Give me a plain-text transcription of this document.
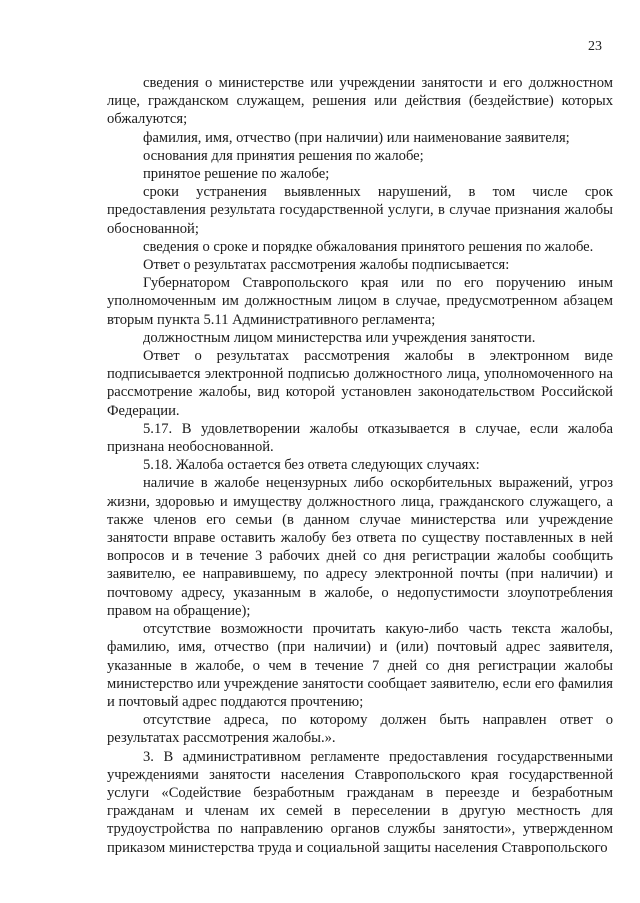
23

сведения о министерстве или учреждении занятости и его должностном лице, гражданском служащем, решения или действия (бездействие) которых обжалуются;

фамилия, имя, отчество (при наличии) или наименование заявителя;

основания для принятия решения по жалобе;

принятое решение по жалобе;

сроки устранения выявленных нарушений, в том числе срок предоставления результата государственной услуги, в случае признания жалобы обоснованной;

сведения о сроке и порядке обжалования принятого решения по жалобе.

Ответ о результатах рассмотрения жалобы подписывается:

Губернатором Ставропольского края или по его поручению иным уполномоченным им должностным лицом в случае, предусмотренном абзацем вторым пункта 5.11 Административного регламента;

должностным лицом министерства или учреждения занятости.

Ответ о результатах рассмотрения жалобы в электронном виде подписывается электронной подписью должностного лица, уполномоченного на рассмотрение жалобы, вид которой установлен законодательством Российской Федерации.

5.17. В удовлетворении жалобы отказывается в случае, если жалоба признана необоснованной.

5.18. Жалоба остается без ответа следующих случаях:

наличие в жалобе нецензурных либо оскорбительных выражений, угроз жизни, здоровью и имуществу должностного лица, гражданского служащего, а также членов его семьи (в данном случае министерства или учреждение занятости вправе оставить жалобу без ответа по существу поставленных в ней вопросов и в течение 3 рабочих дней со дня регистрации жалобы сообщить заявителю, ее направившему, по адресу электронной почты (при наличии) и почтовому адресу, указанным в жалобе, о недопустимости злоупотребления правом на обращение);

отсутствие возможности прочитать какую-либо часть текста жалобы, фамилию, имя, отчество (при наличии) и (или) почтовый адрес заявителя, указанные в жалобе, о чем в течение 7 дней со дня регистрации жалобы министерство или учреждение занятости сообщает заявителю, если его фамилия и почтовый адрес поддаются прочтению;

отсутствие адреса, по которому должен быть направлен ответ о результатах рассмотрения жалобы.».

3. В административном регламенте предоставления государственными учреждениями занятости населения Ставропольского края государственной услуги «Содействие безработным гражданам в переезде и безработным гражданам и членам их семей в переселении в другую местность для трудоустройства по направлению органов службы занятости», утвержденном приказом министерства труда и социальной защиты населения Ставропольского
